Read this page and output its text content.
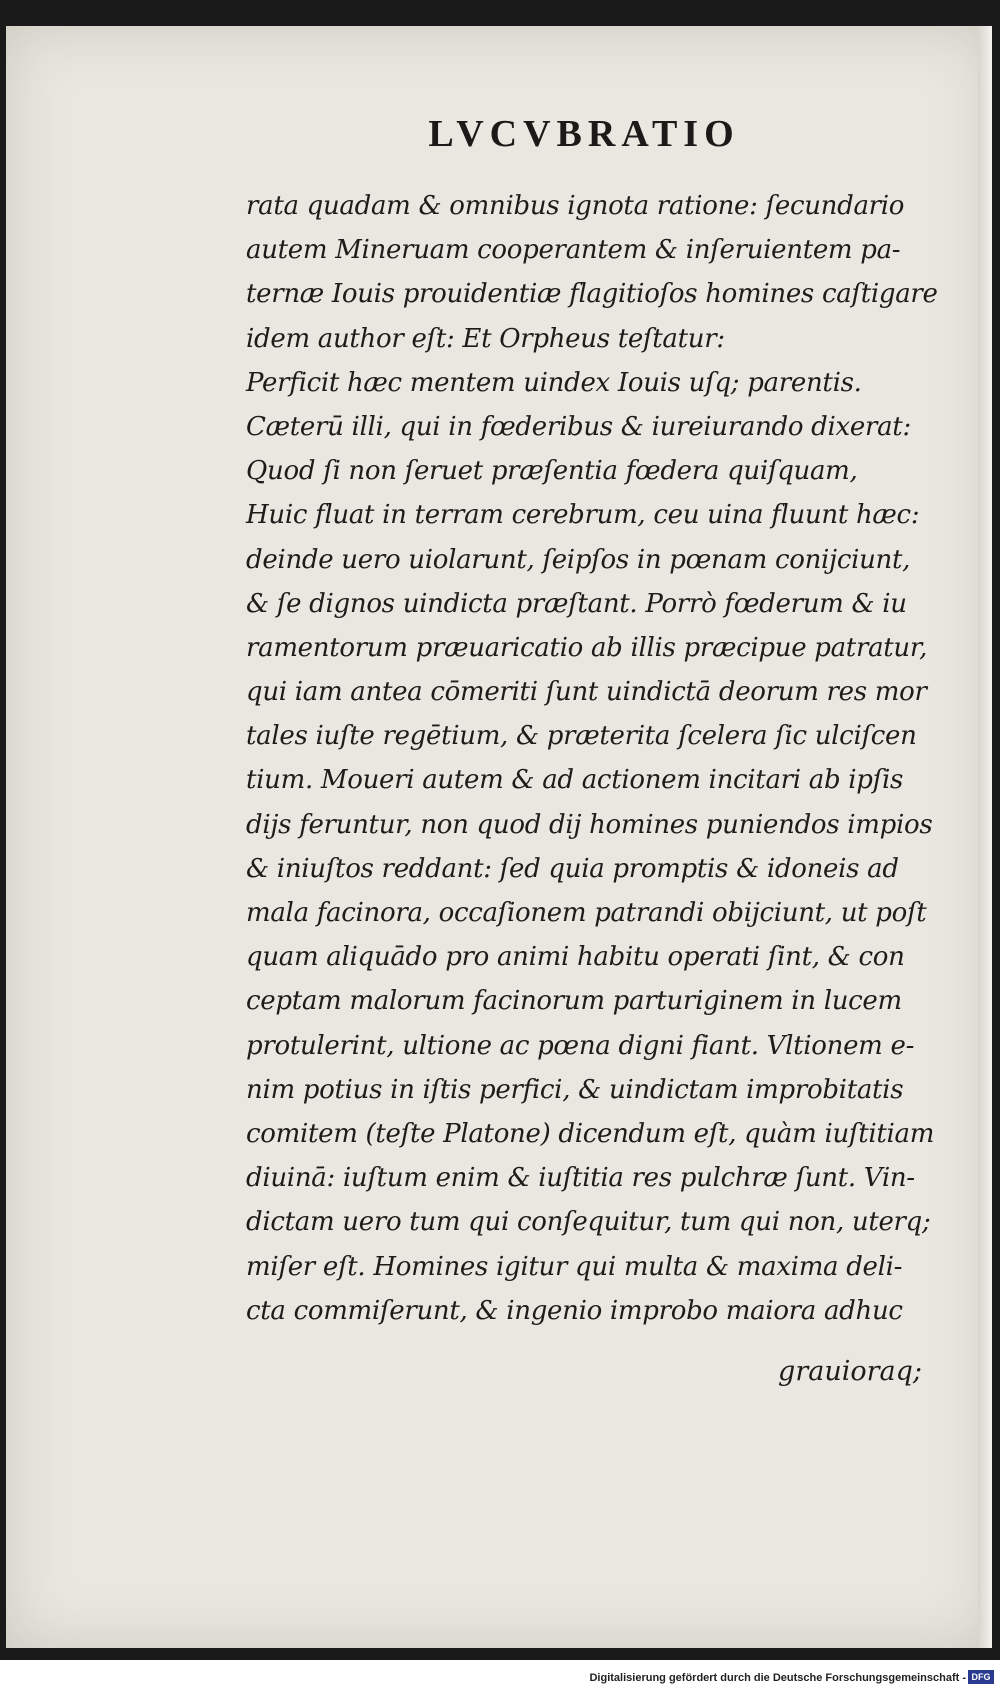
LVCVBRATIO
rata quadam & omnibus ignota ratione: ſecundario
autem Mineruam cooperantem & inſeruientem pa-
ternæ Iouis prouidentiæ flagitioſos homines caſtigare
idem author eſt: Et Orpheus teſtatur:
Perficit hæc mentem uindex Iouis uſq; parentis.
Cæterū illi, qui in fœderibus & iureiurando dixerat:
Quod ſi non ſeruet præſentia fœdera quiſquam,
Huic fluat in terram cerebrum, ceu uina fluunt hæc:
deinde uero uiolarunt, ſeipſos in pœnam conijciunt,
& ſe dignos uindicta præſtant. Porrò fœderum & iu
ramentorum præuaricatio ab illis præcipue patratur,
qui iam antea cōmeriti ſunt uindictā deorum res mor
tales iuſte regētium, & præterita ſcelera ſic ulciſcen
tium. Moueri autem & ad actionem incitari ab ipſis
dijs feruntur, non quod dij homines puniendos impios
& iniuſtos reddant: ſed quia promptis & idoneis ad
mala facinora, occaſionem patrandi obijciunt, ut poſt
quam aliquādo pro animi habitu operati ſint, & con
ceptam malorum facinorum parturiginem in lucem
protulerint, ultione ac pœna digni fiant. Vltionem e-
nim potius in iſtis perfici, & uindictam improbitatis
comitem (teſte Platone) dicendum eſt, quàm iuſtitiam
diuinā: iuſtum enim & iuſtitia res pulchræ ſunt. Vin-
dictam uero tum qui conſequitur, tum qui non, uterq;
miſer eſt. Homines igitur qui multa & maxima deli-
cta commiſerunt, & ingenio improbo maiora adhuc
grauioraq;
Digitalisierung gefördert durch die Deutsche Forschungsgemeinschaft - DFG
